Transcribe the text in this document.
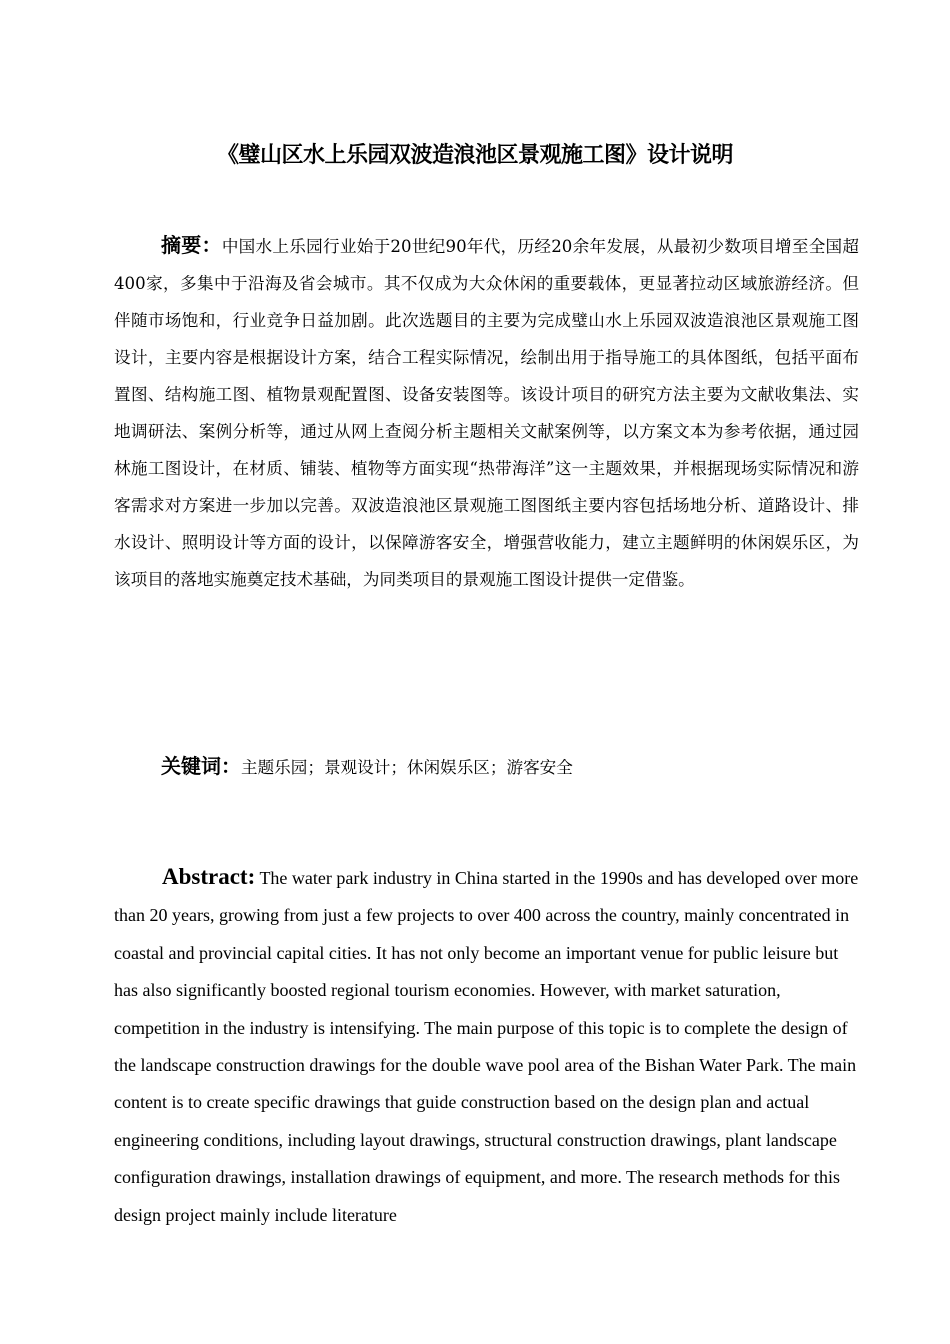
《璧山区水上乐园双波造浪池区景观施工图》设计说明
摘要：中国水上乐园行业始于20世纪90年代，历经20余年发展，从最初少数项目增至全国超400家，多集中于沿海及省会城市。其不仅成为大众休闲的重要载体，更显著拉动区域旅游经济。但伴随市场饱和，行业竞争日益加剧。此次选题目的主要为完成璧山水上乐园双波造浪池区景观施工图设计，主要内容是根据设计方案，结合工程实际情况，绘制出用于指导施工的具体图纸，包括平面布置图、结构施工图、植物景观配置图、设备安装图等。该设计项目的研究方法主要为文献收集法、实地调研法、案例分析等，通过从网上查阅分析主题相关文献案例等，以方案文本为参考依据，通过园林施工图设计，在材质、铺装、植物等方面实现“热带海洋”这一主题效果，并根据现场实际情况和游客需求对方案进一步加以完善。双波造浪池区景观施工图图纸主要内容包括场地分析、道路设计、排水设计、照明设计等方面的设计，以保障游客安全，增强营收能力，建立主题鲜明的休闲娱乐区，为该项目的落地实施奠定技术基础，为同类项目的景观施工图设计提供一定借鉴。
关键词：主题乐园；景观设计；休闲娱乐区；游客安全
Abstract: The water park industry in China started in the 1990s and has developed over more than 20 years, growing from just a few projects to over 400 across the country, mainly concentrated in coastal and provincial capital cities. It has not only become an important venue for public leisure but has also significantly boosted regional tourism economies. However, with market saturation, competition in the industry is intensifying. The main purpose of this topic is to complete the design of the landscape construction drawings for the double wave pool area of the Bishan Water Park. The main content is to create specific drawings that guide construction based on the design plan and actual engineering conditions, including layout drawings, structural construction drawings, plant landscape configuration drawings, installation drawings of equipment, and more. The research methods for this design project mainly include literature
